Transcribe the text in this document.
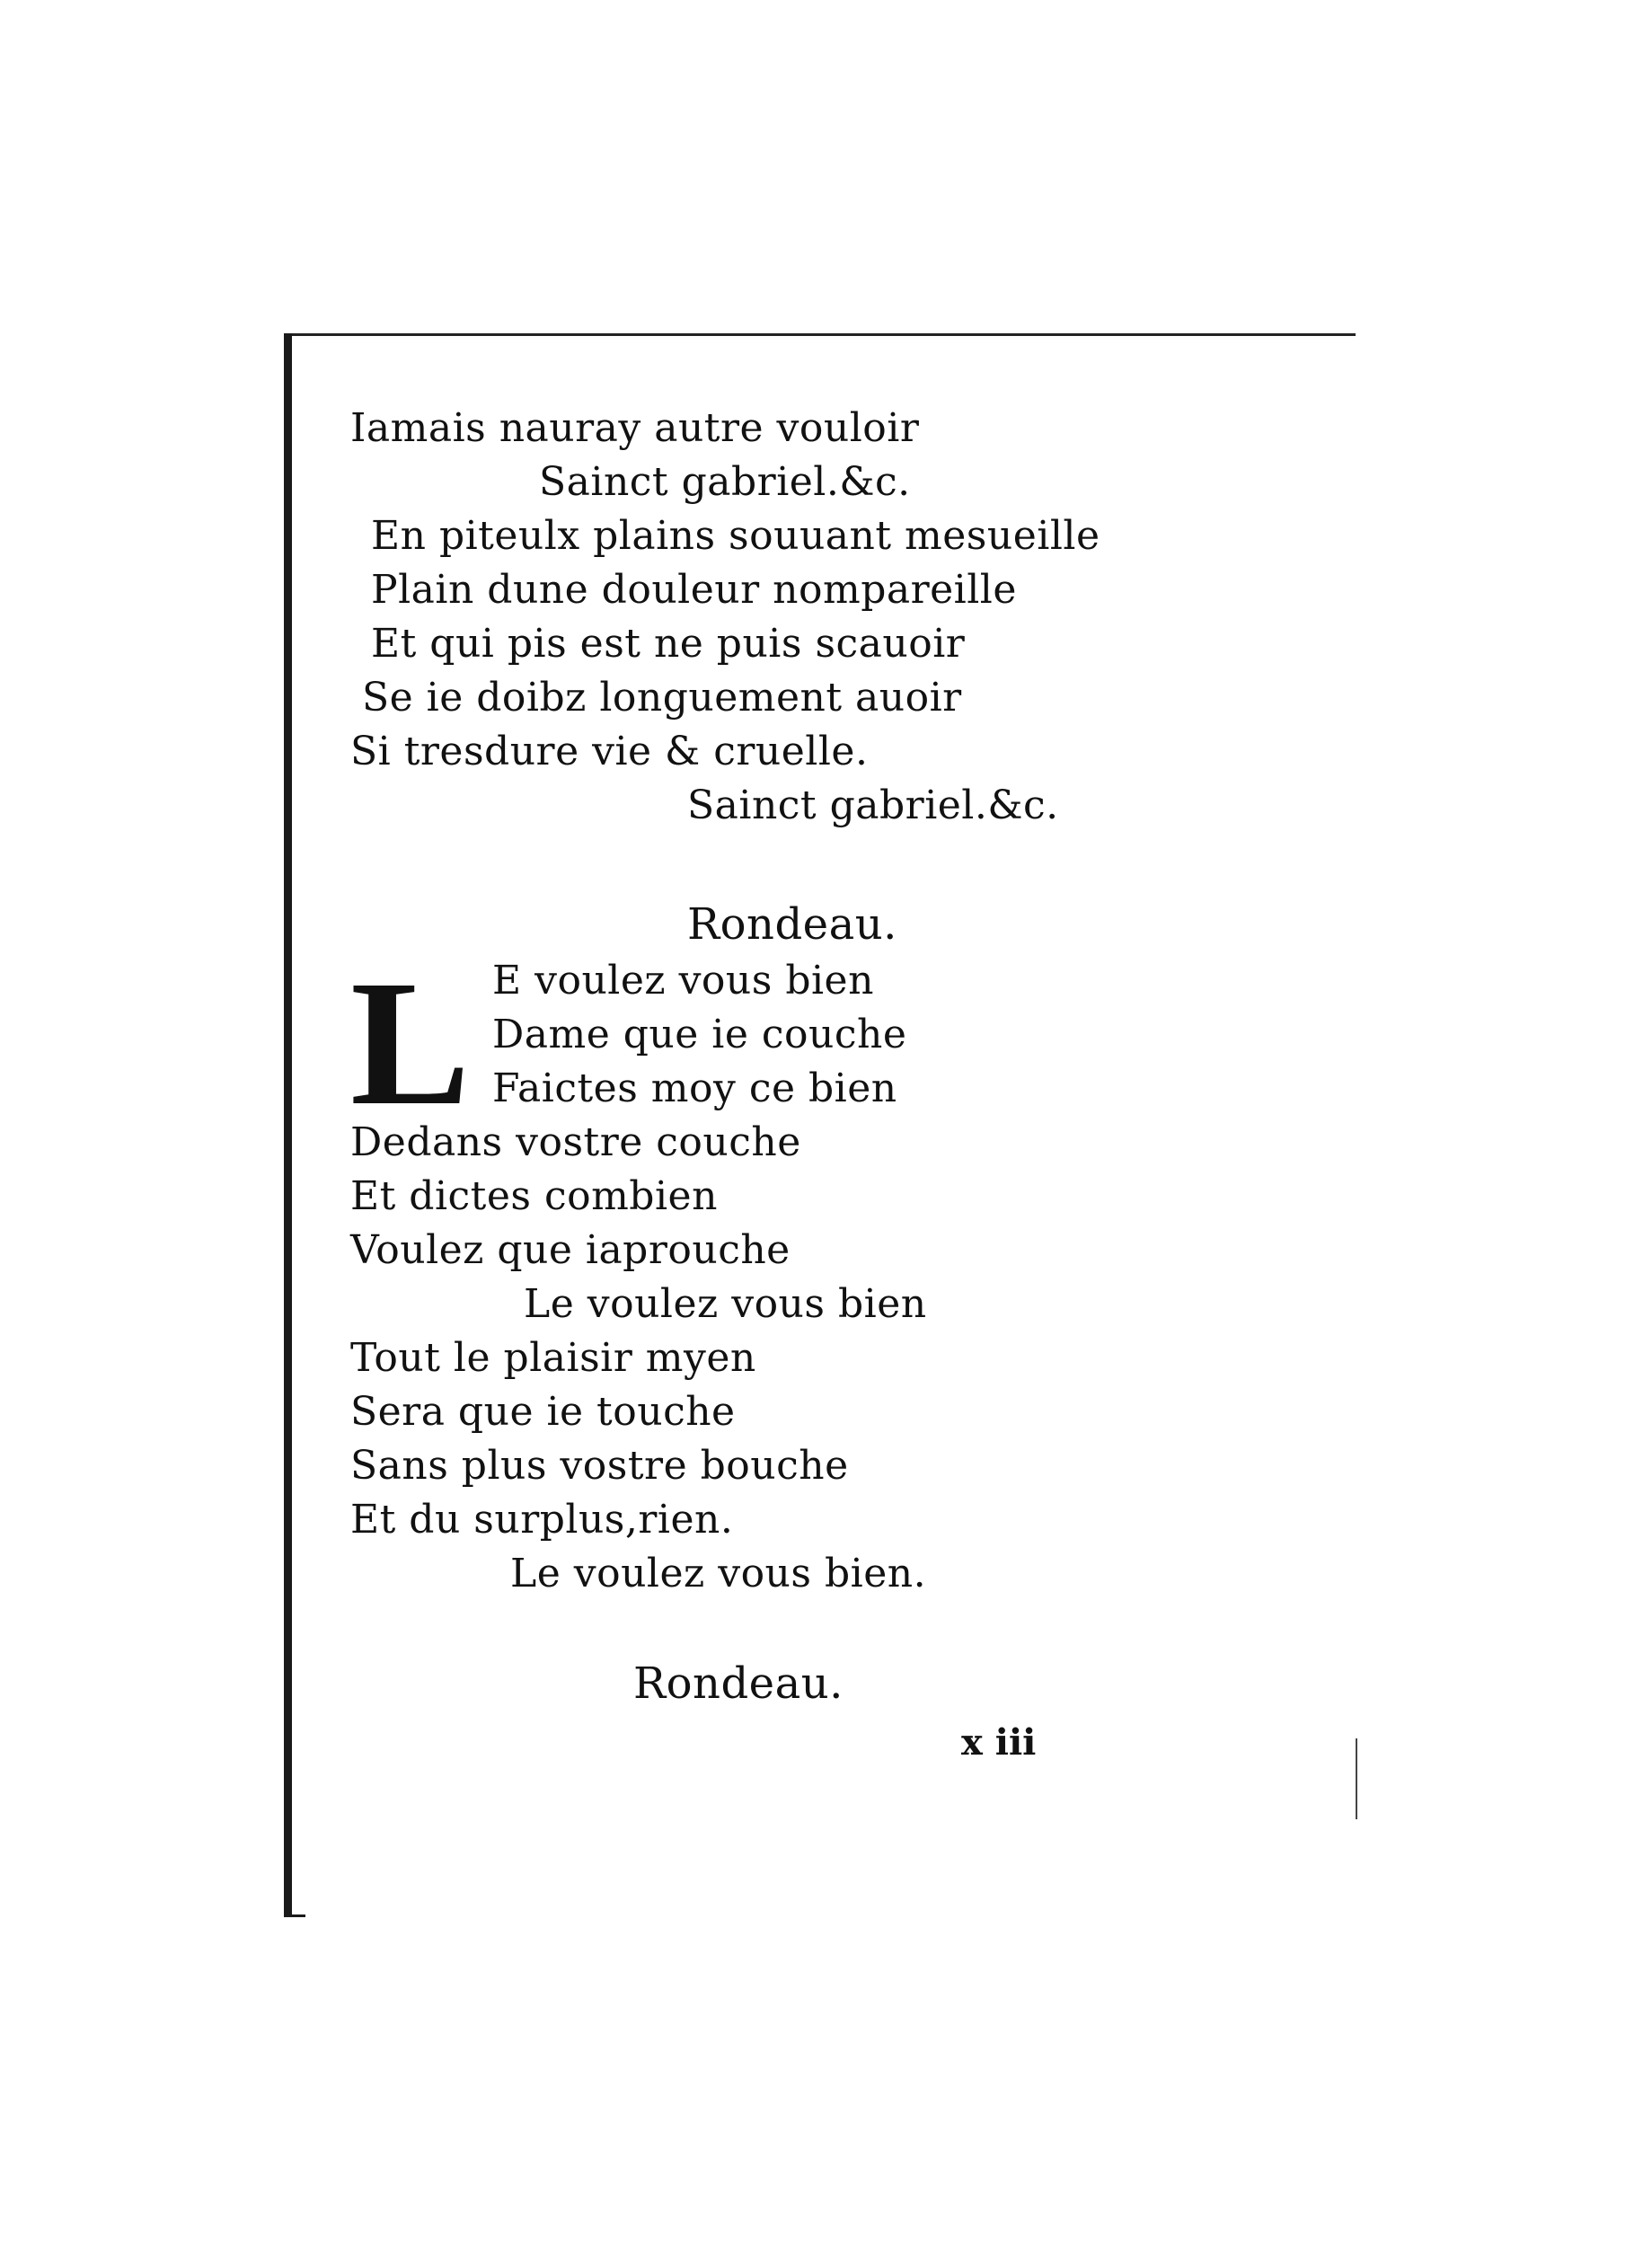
Iamais nauray autre vouloir
Sainct gabriel.&c.
En piteulx plains souuant mesueille
Plain dune douleur nompareille
Et qui pis est ne puis scauoir
Se ie doibz longuement auoir
Si tresdure vie & cruelle.
Sainct gabriel.&c.
Rondeau.
L E voulez vous bien
Dame que ie couche
Faictes moy ce bien
Dedans vostre couche
Et dictes combien
Voulez que iaprouche
Le voulez vous bien
Tout le plaisir myen
Sera que ie touche
Sans plus vostre bouche
Et du surplus,rien.
Le voulez vous bien.
Rondeau.
x iii
